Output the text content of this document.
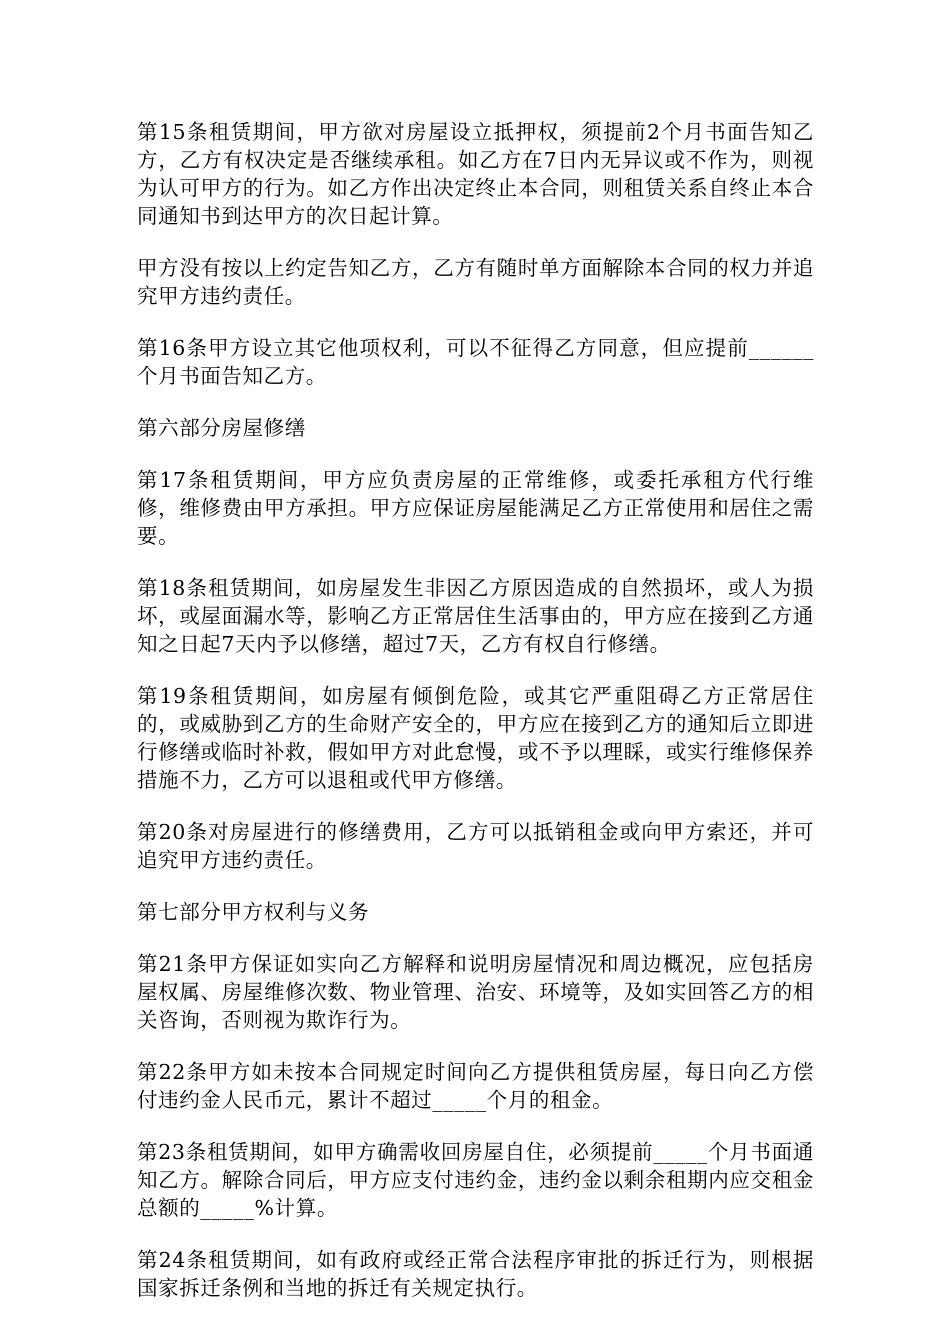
第15条租赁期间，甲方欲对房屋设立抵押权，须提前2个月书面告知乙方，乙方有权决定是否继续承租。如乙方在7日内无异议或不作为，则视为认可甲方的行为。如乙方作出决定终止本合同，则租赁关系自终止本合同通知书到达甲方的次日起计算。

甲方没有按以上约定告知乙方，乙方有随时单方面解除本合同的权力并追究甲方违约责任。

第16条甲方设立其它他项权利，可以不征得乙方同意，但应提前______个月书面告知乙方。

第六部分房屋修缮

第17条租赁期间，甲方应负责房屋的正常维修，或委托承租方代行维修，维修费由甲方承担。甲方应保证房屋能满足乙方正常使用和居住之需要。

第18条租赁期间，如房屋发生非因乙方原因造成的自然损坏，或人为损坏，或屋面漏水等，影响乙方正常居住生活事由的，甲方应在接到乙方通知之日起7天内予以修缮，超过7天，乙方有权自行修缮。

第19条租赁期间，如房屋有倾倒危险，或其它严重阻碍乙方正常居住的，或威胁到乙方的生命财产安全的，甲方应在接到乙方的通知后立即进行修缮或临时补救，假如甲方对此怠慢，或不予以理睬，或实行维修保养措施不力，乙方可以退租或代甲方修缮。

第20条对房屋进行的修缮费用，乙方可以抵销租金或向甲方索还，并可追究甲方违约责任。

第七部分甲方权利与义务

第21条甲方保证如实向乙方解释和说明房屋情况和周边概况，应包括房屋权属、房屋维修次数、物业管理、治安、环境等，及如实回答乙方的相关咨询，否则视为欺诈行为。

第22条甲方如未按本合同规定时间向乙方提供租赁房屋，每日向乙方偿付违约金人民币元，累计不超过_____个月的租金。

第23条租赁期间，如甲方确需收回房屋自住，必须提前_____个月书面通知乙方。解除合同后，甲方应支付违约金，违约金以剩余租期内应交租金总额的_____%计算。

第24条租赁期间，如有政府或经正常合法程序审批的拆迁行为，则根据国家拆迁条例和当地的拆迁有关规定执行。
